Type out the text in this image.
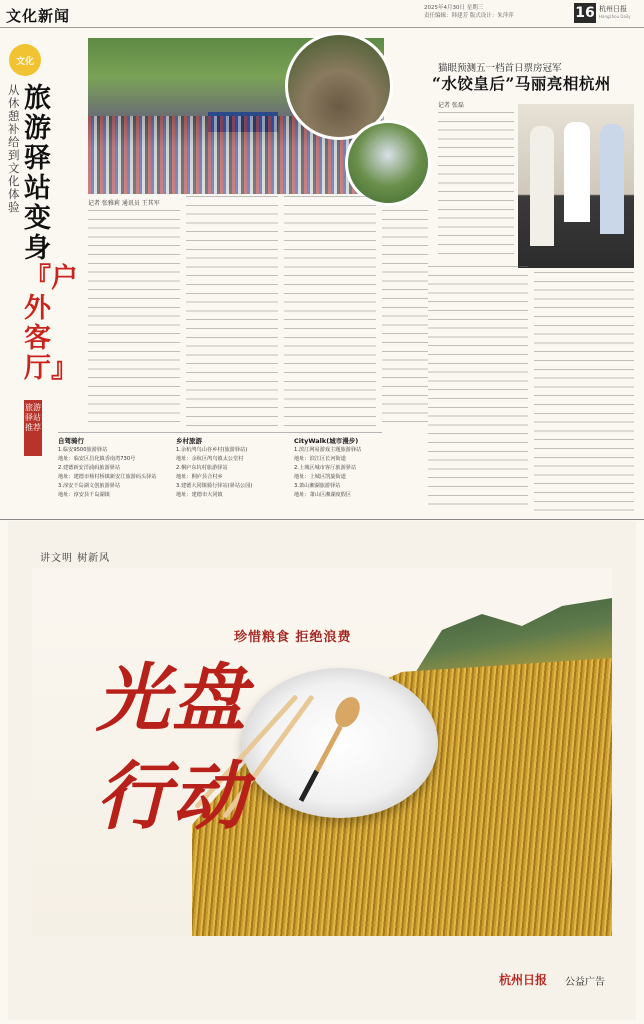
文化新闻	2025年4月30日 星期三
责任编辑：韩建芳 版式设计：朱萍萍	16 杭州日报
Hangzhou Daily
文化
从休憩补给到文化体验
旅游驿站变身『户外客厅』
旅游驿站推荐
记者 张雅莉 通讯员 王其军
猫眼预测五一档首日票房冠军
“水饺皇后”马丽亮相杭州
记者 张磊
自驾骑行
1.临安9500旅游驿站
地址：临安区昌化镇香南湾730号
2.建德新安洋浦码旅游驿站
地址：建德市杨村桥镇新安江旅游码头驿站
3.淳安千岛湖文创旅游驿站
地址：淳安县千岛湖镇
乡村旅游
1.余杭鸬鸟山谷乡村(旅游驿站)
地址：余杭区鸬鸟镇太公堂村
2.桐庐东坑村旅游驿站
地址：桐庐县合村乡
3.建德大同镇骑行驿站(驿站公园)
地址：建德市大同镇
CityWalk(城市漫步)
1.滨江网易游戏主题旅游驿站
地址：滨江区长河街道
2.上城区城市客厅旅游驿站
地址：上城区凯旋街道
3.萧山湘湖旅游驿站
地址：萧山区湘湖度假区
讲文明 树新风
珍惜粮食 拒绝浪费
光盘
行动
杭州日报 公益广告
